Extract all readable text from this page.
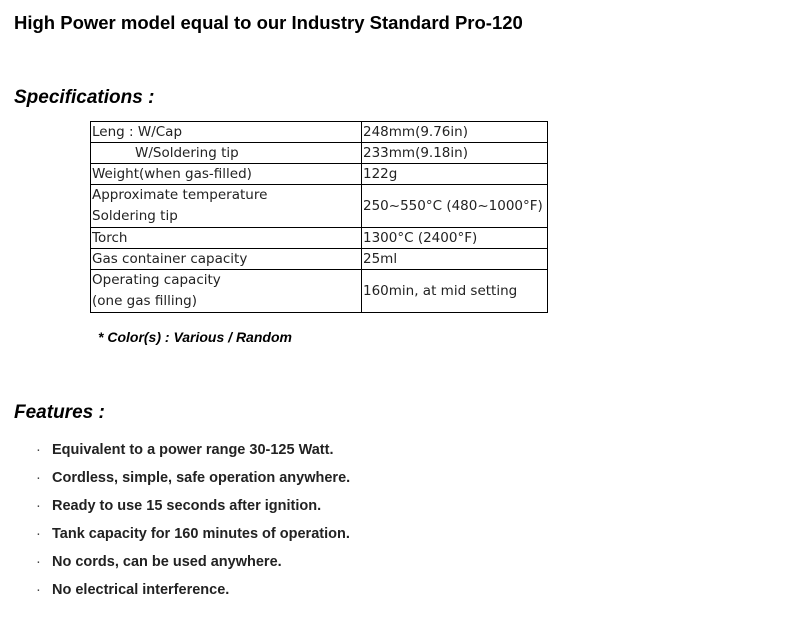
High Power model equal to our Industry Standard Pro-120
Specifications :
Leng : W/Cap	248mm(9.76in)
W/Soldering tip	233mm(9.18in)
Weight(when gas-filled)	122g

Approximate temperature
Soldering tip	250~550°C (480~1000°F)
Torch	1300°C (2400°F)
Gas container capacity	25ml

Operating capacity
(one gas filling)	160min, at mid setting
* Color(s) : Various / Random
Features :
· Equivalent to a power range 30-125 Watt.
· Cordless, simple, safe operation anywhere.
· Ready to use 15 seconds after ignition.
· Tank capacity for 160 minutes of operation.
· No cords, can be used anywhere.
· No electrical interference.
